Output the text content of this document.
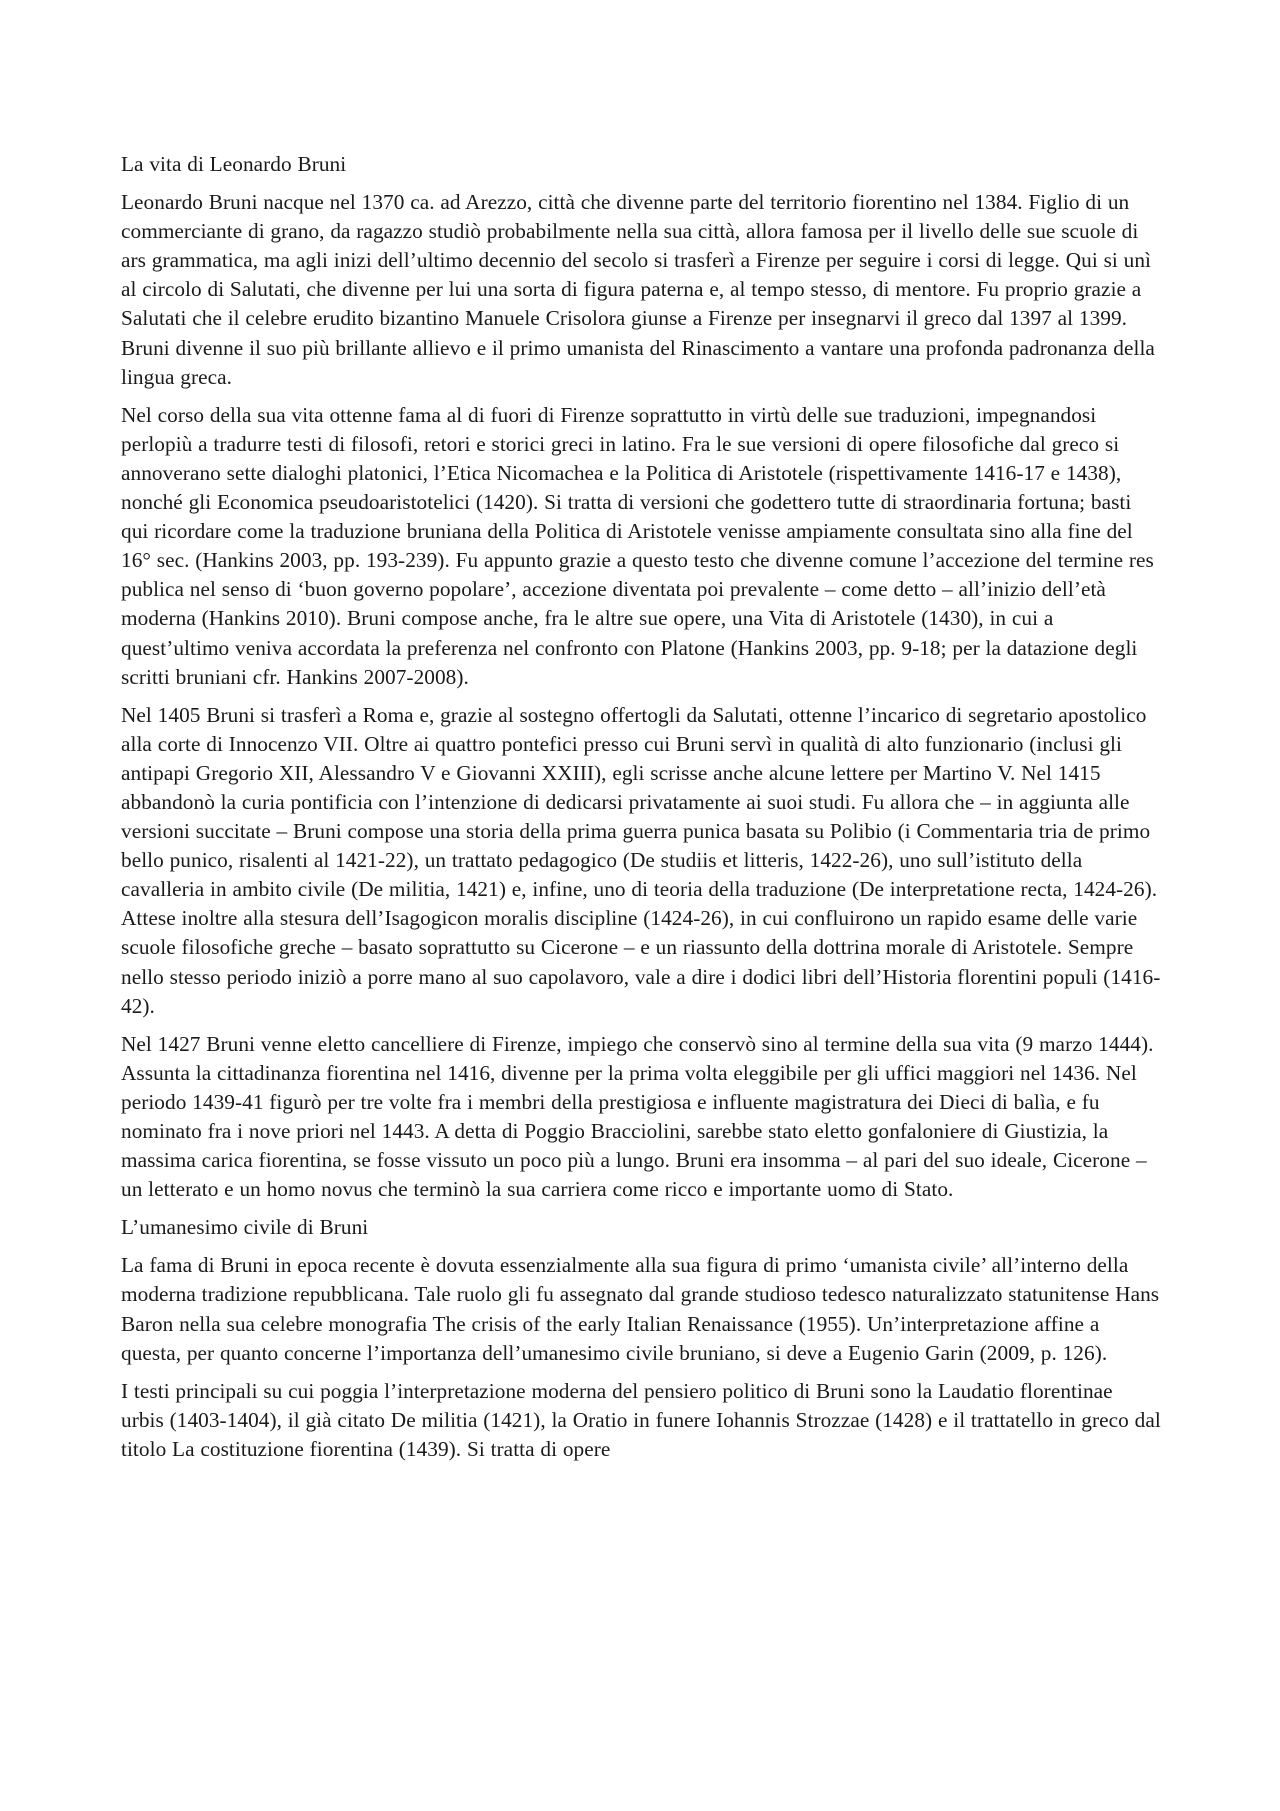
La vita di Leonardo Bruni

Leonardo Bruni nacque nel 1370 ca. ad Arezzo, città che divenne parte del territorio fiorentino nel 1384. Figlio di un commerciante di grano, da ragazzo studiò probabilmente nella sua città, allora famosa per il livello delle sue scuole di ars grammatica, ma agli inizi dell’ultimo decennio del secolo si trasferì a Firenze per seguire i corsi di legge. Qui si unì al circolo di Salutati, che divenne per lui una sorta di figura paterna e, al tempo stesso, di mentore. Fu proprio grazie a Salutati che il celebre erudito bizantino Manuele Crisolora giunse a Firenze per insegnarvi il greco dal 1397 al 1399. Bruni divenne il suo più brillante allievo e il primo umanista del Rinascimento a vantare una profonda padronanza della lingua greca.

Nel corso della sua vita ottenne fama al di fuori di Firenze soprattutto in virtù delle sue traduzioni, impegnandosi perlopiù a tradurre testi di filosofi, retori e storici greci in latino. Fra le sue versioni di opere filosofiche dal greco si annoverano sette dialoghi platonici, l’Etica Nicomachea e la Politica di Aristotele (rispettivamente 1416-17 e 1438), nonché gli Economica pseudoaristotelici (1420). Si tratta di versioni che godettero tutte di straordinaria fortuna; basti qui ricordare come la traduzione bruniana della Politica di Aristotele venisse ampiamente consultata sino alla fine del 16° sec. (Hankins 2003, pp. 193-239). Fu appunto grazie a questo testo che divenne comune l’accezione del termine res publica nel senso di ‘buon governo popolare’, accezione diventata poi prevalente – come detto – all’inizio dell’età moderna (Hankins 2010). Bruni compose anche, fra le altre sue opere, una Vita di Aristotele (1430), in cui a quest’ultimo veniva accordata la preferenza nel confronto con Platone (Hankins 2003, pp. 9-18; per la datazione degli scritti bruniani cfr. Hankins 2007-2008).

Nel 1405 Bruni si trasferì a Roma e, grazie al sostegno offertogli da Salutati, ottenne l’incarico di segretario apostolico alla corte di Innocenzo VII. Oltre ai quattro pontefici presso cui Bruni servì in qualità di alto funzionario (inclusi gli antipapi Gregorio XII, Alessandro V e Giovanni XXIII), egli scrisse anche alcune lettere per Martino V. Nel 1415 abbandonò la curia pontificia con l’intenzione di dedicarsi privatamente ai suoi studi. Fu allora che – in aggiunta alle versioni succitate – Bruni compose una storia della prima guerra punica basata su Polibio (i Commentaria tria de primo bello punico, risalenti al 1421-22), un trattato pedagogico (De studiis et litteris, 1422-26), uno sull’istituto della cavalleria in ambito civile (De militia, 1421) e, infine, uno di teoria della traduzione (De interpretatione recta, 1424-26). Attese inoltre alla stesura dell’Isagogicon moralis discipline (1424-26), in cui confluirono un rapido esame delle varie scuole filosofiche greche – basato soprattutto su Cicerone – e un riassunto della dottrina morale di Aristotele. Sempre nello stesso periodo iniziò a porre mano al suo capolavoro, vale a dire i dodici libri dell’Historia florentini populi (1416-42).

Nel 1427 Bruni venne eletto cancelliere di Firenze, impiego che conservò sino al termine della sua vita (9 marzo 1444). Assunta la cittadinanza fiorentina nel 1416, divenne per la prima volta eleggibile per gli uffici maggiori nel 1436. Nel periodo 1439-41 figurò per tre volte fra i membri della prestigiosa e influente magistratura dei Dieci di balìa, e fu nominato fra i nove priori nel 1443. A detta di Poggio Bracciolini, sarebbe stato eletto gonfaloniere di Giustizia, la massima carica fiorentina, se fosse vissuto un poco più a lungo. Bruni era insomma – al pari del suo ideale, Cicerone – un letterato e un homo novus che terminò la sua carriera come ricco e importante uomo di Stato.

L’umanesimo civile di Bruni

La fama di Bruni in epoca recente è dovuta essenzialmente alla sua figura di primo ‘umanista civile’ all’interno della moderna tradizione repubblicana. Tale ruolo gli fu assegnato dal grande studioso tedesco naturalizzato statunitense Hans Baron nella sua celebre monografia The crisis of the early Italian Renaissance (1955). Un’interpretazione affine a questa, per quanto concerne l’importanza dell’umanesimo civile bruniano, si deve a Eugenio Garin (2009, p. 126).

I testi principali su cui poggia l’interpretazione moderna del pensiero politico di Bruni sono la Laudatio florentinae urbis (1403-1404), il già citato De militia (1421), la Oratio in funere Iohannis Strozzae (1428) e il trattatello in greco dal titolo La costituzione fiorentina (1439). Si tratta di opere
